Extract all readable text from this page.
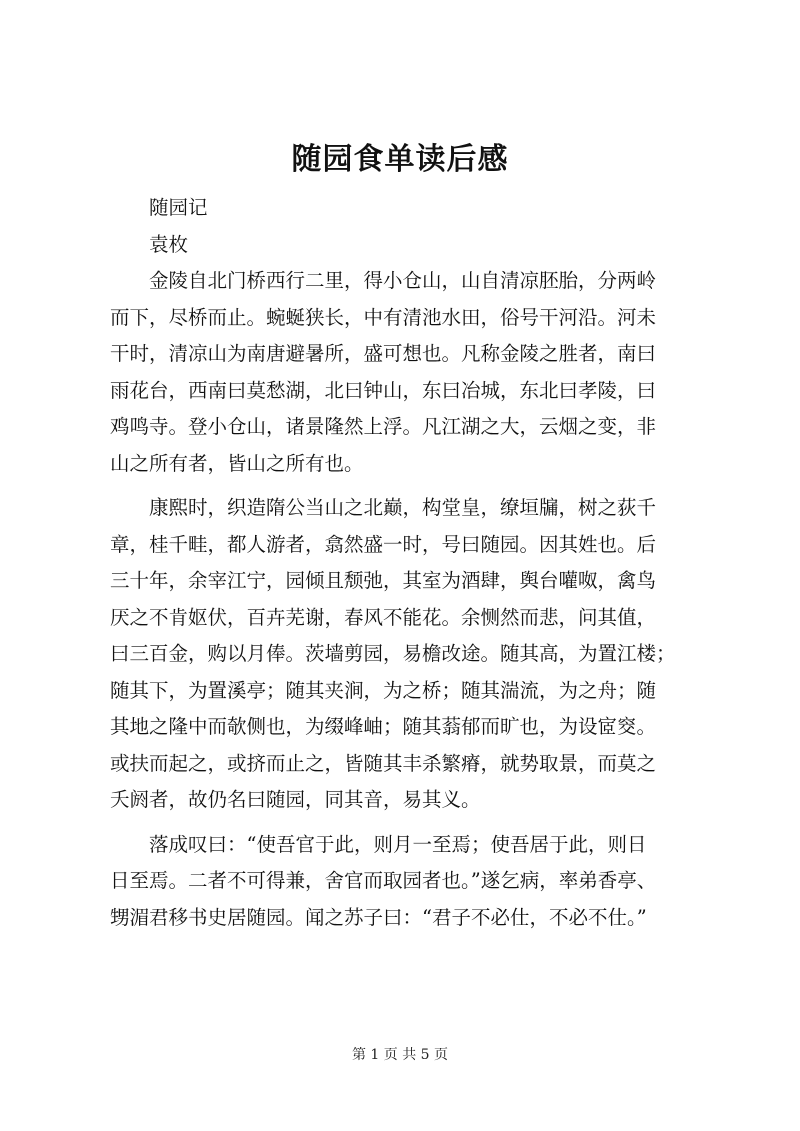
随园食单读后感
随园记
袁枚
金陵自北门桥西行二里，得小仓山，山自清凉胚胎，分两岭
而下，尽桥而止。蜿蜒狭长，中有清池水田，俗号干河沿。河未
干时，清凉山为南唐避暑所，盛可想也。凡称金陵之胜者，南曰
雨花台，西南曰莫愁湖，北曰钟山，东曰冶城，东北曰孝陵，曰
鸡鸣寺。登小仓山，诸景隆然上浮。凡江湖之大，云烟之变，非
山之所有者，皆山之所有也。
康熙时，织造隋公当山之北巅，构堂皇，缭垣牖，树之荻千
章，桂千畦，都人游者，翕然盛一时，号曰随园。因其姓也。后
三十年，余宰江宁，园倾且颓弛，其室为酒肆，舆台嚾呶，禽鸟
厌之不肯妪伏，百卉芜谢，春风不能花。余恻然而悲，问其值，
曰三百金，购以月俸。茨墙剪园，易檐改途。随其高，为置江楼；
随其下，为置溪亭；随其夹涧，为之桥；随其湍流，为之舟；随
其地之隆中而欹侧也，为缀峰岫；随其蓊郁而旷也，为设宧窔。
或扶而起之，或挤而止之，皆随其丰杀繁瘠，就势取景，而莫之
夭阏者，故仍名曰随园，同其音，易其义。
落成叹曰：“使吾官于此，则月一至焉；使吾居于此，则日
日至焉。二者不可得兼，舍官而取园者也。”遂乞病，率弟香亭、
甥湄君移书史居随园。闻之苏子曰：“君子不必仕，不必不仕。”
第 1 页 共 5 页
